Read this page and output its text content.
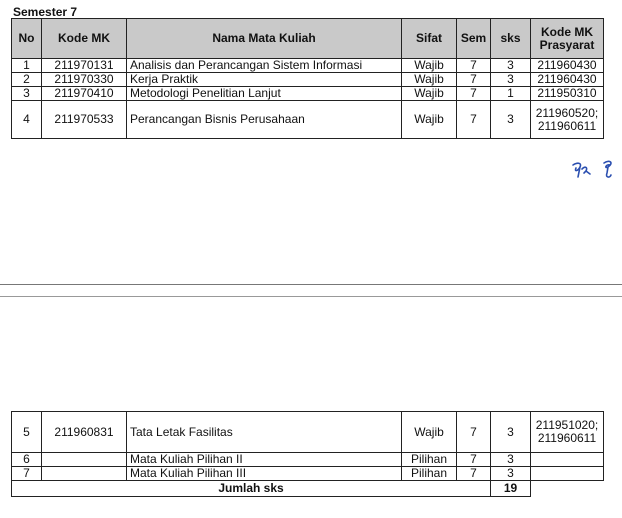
Semester 7
No	Kode MK	Nama Mata Kuliah	Sifat	Sem	sks	Kode MK Prasyarat
1	211970131	Analisis dan Perancangan Sistem Informasi	Wajib	7	3	211960430
2	211970330	Kerja Praktik	Wajib	7	3	211960430
3	211970410	Metodologi Penelitian Lanjut	Wajib	7	1	211950310
4	211970533	Perancangan Bisnis Perusahaan	Wajib	7	3	211960520; 211960611
5	211960831	Tata Letak Fasilitas	Wajib	7	3	211951020; 211960611
6		Mata Kuliah Pilihan II	Pilihan	7	3	
7		Mata Kuliah Pilihan III	Pilihan	7	3	
Jumlah sks					19	
